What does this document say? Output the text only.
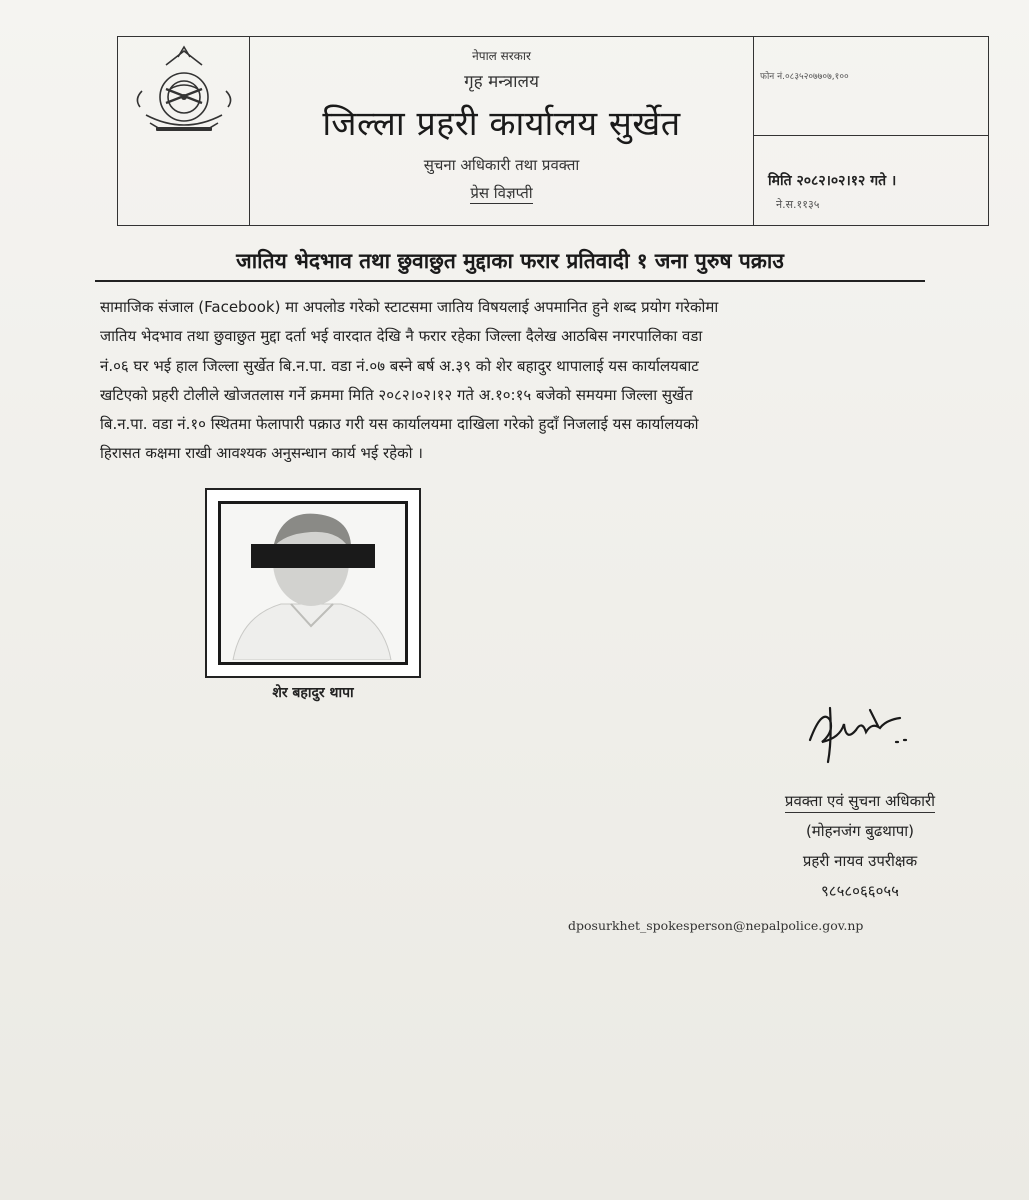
नेपाल सरकार
गृह मन्त्रालय
जिल्ला प्रहरी कार्यालय सुर्खेत
सुचना अधिकारी तथा प्रवक्ता
प्रेस विज्ञप्ती
फोन नं.०८३५२०७७०७,१००
मिति २०८२।०२।१२ गते ।
ने.स.११३५
जातिय भेदभाव तथा छुवाछुत मुद्दाका फरार प्रतिवादी १ जना पुरुष पक्राउ

सामाजिक संजाल (Facebook) मा अपलोड गरेको स्टाटसमा जातिय विषयलाई अपमानित हुने शब्द प्रयोग गरेकोमा

जातिय भेदभाव तथा छुवाछुत मुद्दा दर्ता भई वारदात देखि नै फरार रहेका जिल्ला दैलेख आठबिस नगरपालिका वडा

नं.०६ घर भई हाल जिल्ला सुर्खेत बि.न.पा. वडा नं.०७ बस्ने बर्ष अ.३९ को शेर बहादुर थापालाई यस कार्यालयबाट

खटिएको प्रहरी टोलीले खोजतलास गर्ने क्रममा मिति २०८२।०२।१२ गते अ.१०:१५ बजेको समयमा जिल्ला सुर्खेत

बि.न.पा. वडा नं.१० स्थितमा फेलापारी पक्राउ गरी यस कार्यालयमा दाखिला गरेको हुदाँ निजलाई यस कार्यालयको

हिरासत कक्षमा राखी आवश्यक अनुसन्धान कार्य भई रहेको ।

शेर बहादुर थापा
प्रवक्ता एवं सुचना अधिकारी
(मोहनजंग बुढथापा)
प्रहरी नायव उपरीक्षक
९८५८०६६०५५
dposurkhet_spokesperson@nepalpolice.gov.np
